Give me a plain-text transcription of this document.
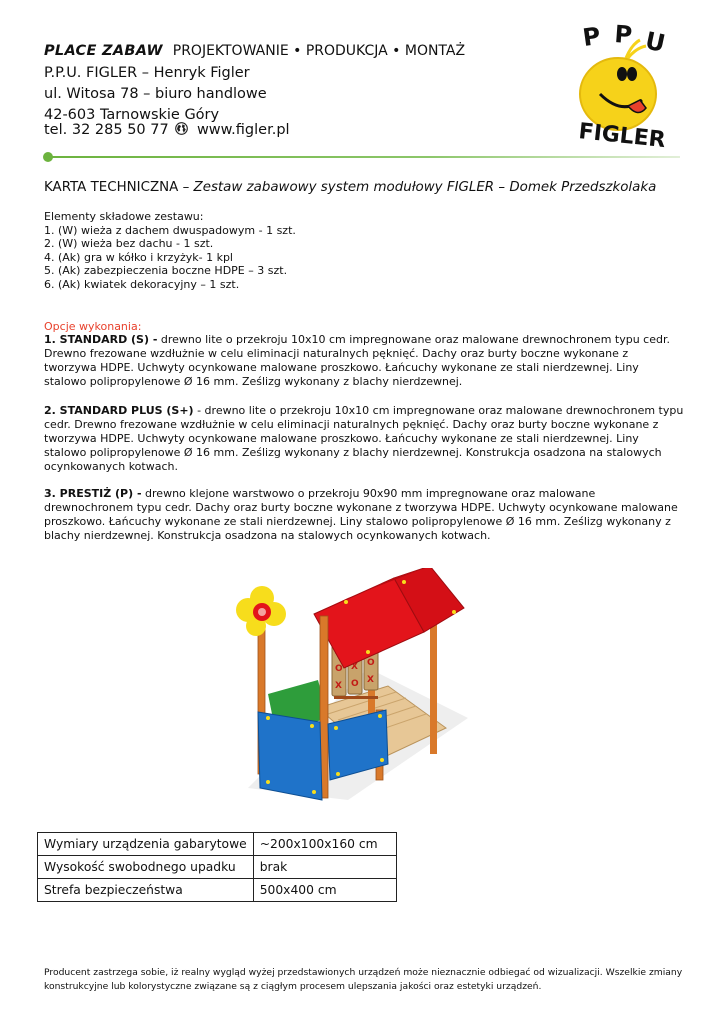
PLACE ZABAW PROJEKTOWANIE • PRODUKCJA • MONTAŻ
P.P.U. FIGLER – Henryk Figler
ul. Witosa 78 – biuro handlowe
42-603 Tarnowskie Góry
tel. 32 285 50 77 www.figler.pl
P P U
FIGLER
KARTA TECHNICZNA – Zestaw zabawowy system modułowy FIGLER – Domek Przedszkolaka
Elementy składowe zestawu:
1. (W) wieża z dachem dwuspadowym - 1 szt.
2. (W) wieża bez dachu - 1 szt.
4. (Ak) gra w kółko i krzyżyk- 1 kpl
5. (Ak) zabezpieczenia boczne HDPE – 3 szt.
6. (Ak) kwiatek dekoracyjny – 1 szt.
Opcje wykonania:
1. STANDARD (S) - drewno lite o przekroju 10x10 cm impregnowane oraz malowane drewnochronem typu cedr. Drewno frezowane wzdłużnie w celu eliminacji naturalnych pęknięć. Dachy oraz burty boczne wykonane z tworzywa HDPE. Uchwyty ocynkowane malowane proszkowo. Łańcuchy wykonane ze stali nierdzewnej. Liny stalowo polipropylenowe Ø 16 mm. Ześlizg wykonany z blachy nierdzewnej.
2. STANDARD PLUS (S+) - drewno lite o przekroju 10x10 cm impregnowane oraz malowane drewnochronem typu cedr. Drewno frezowane wzdłużnie w celu eliminacji naturalnych pęknięć. Dachy oraz burty boczne wykonane z tworzywa HDPE. Uchwyty ocynkowane malowane proszkowo. Łańcuchy wykonane ze stali nierdzewnej. Liny stalowo polipropylenowe Ø 16 mm. Ześlizg wykonany z blachy nierdzewnej. Konstrukcja osadzona na stalowych ocynkowanych kotwach.
3. PRESTIŻ (P) - drewno klejone warstwowo o przekroju 90x90 mm impregnowane oraz malowane drewnochronem typu cedr. Dachy oraz burty boczne wykonane z tworzywa HDPE. Uchwyty ocynkowane malowane proszkowo. Łańcuchy wykonane ze stali nierdzewnej. Liny stalowo polipropylenowe Ø 16 mm. Ześlizg wykonany z blachy nierdzewnej. Konstrukcja osadzona na stalowych ocynkowanych kotwach.
O X O
X O X
Wymiary urządzenia gabarytowe	~200x100x160 cm
Wysokość swobodnego upadku	brak
Strefa bezpieczeństwa	500x400 cm
Producent zastrzega sobie, iż realny wygląd wyżej przedstawionych urządzeń może nieznacznie odbiegać od wizualizacji. Wszelkie zmiany konstrukcyjne lub kolorystyczne związane są z ciągłym procesem ulepszania jakości oraz estetyki urządzeń.
